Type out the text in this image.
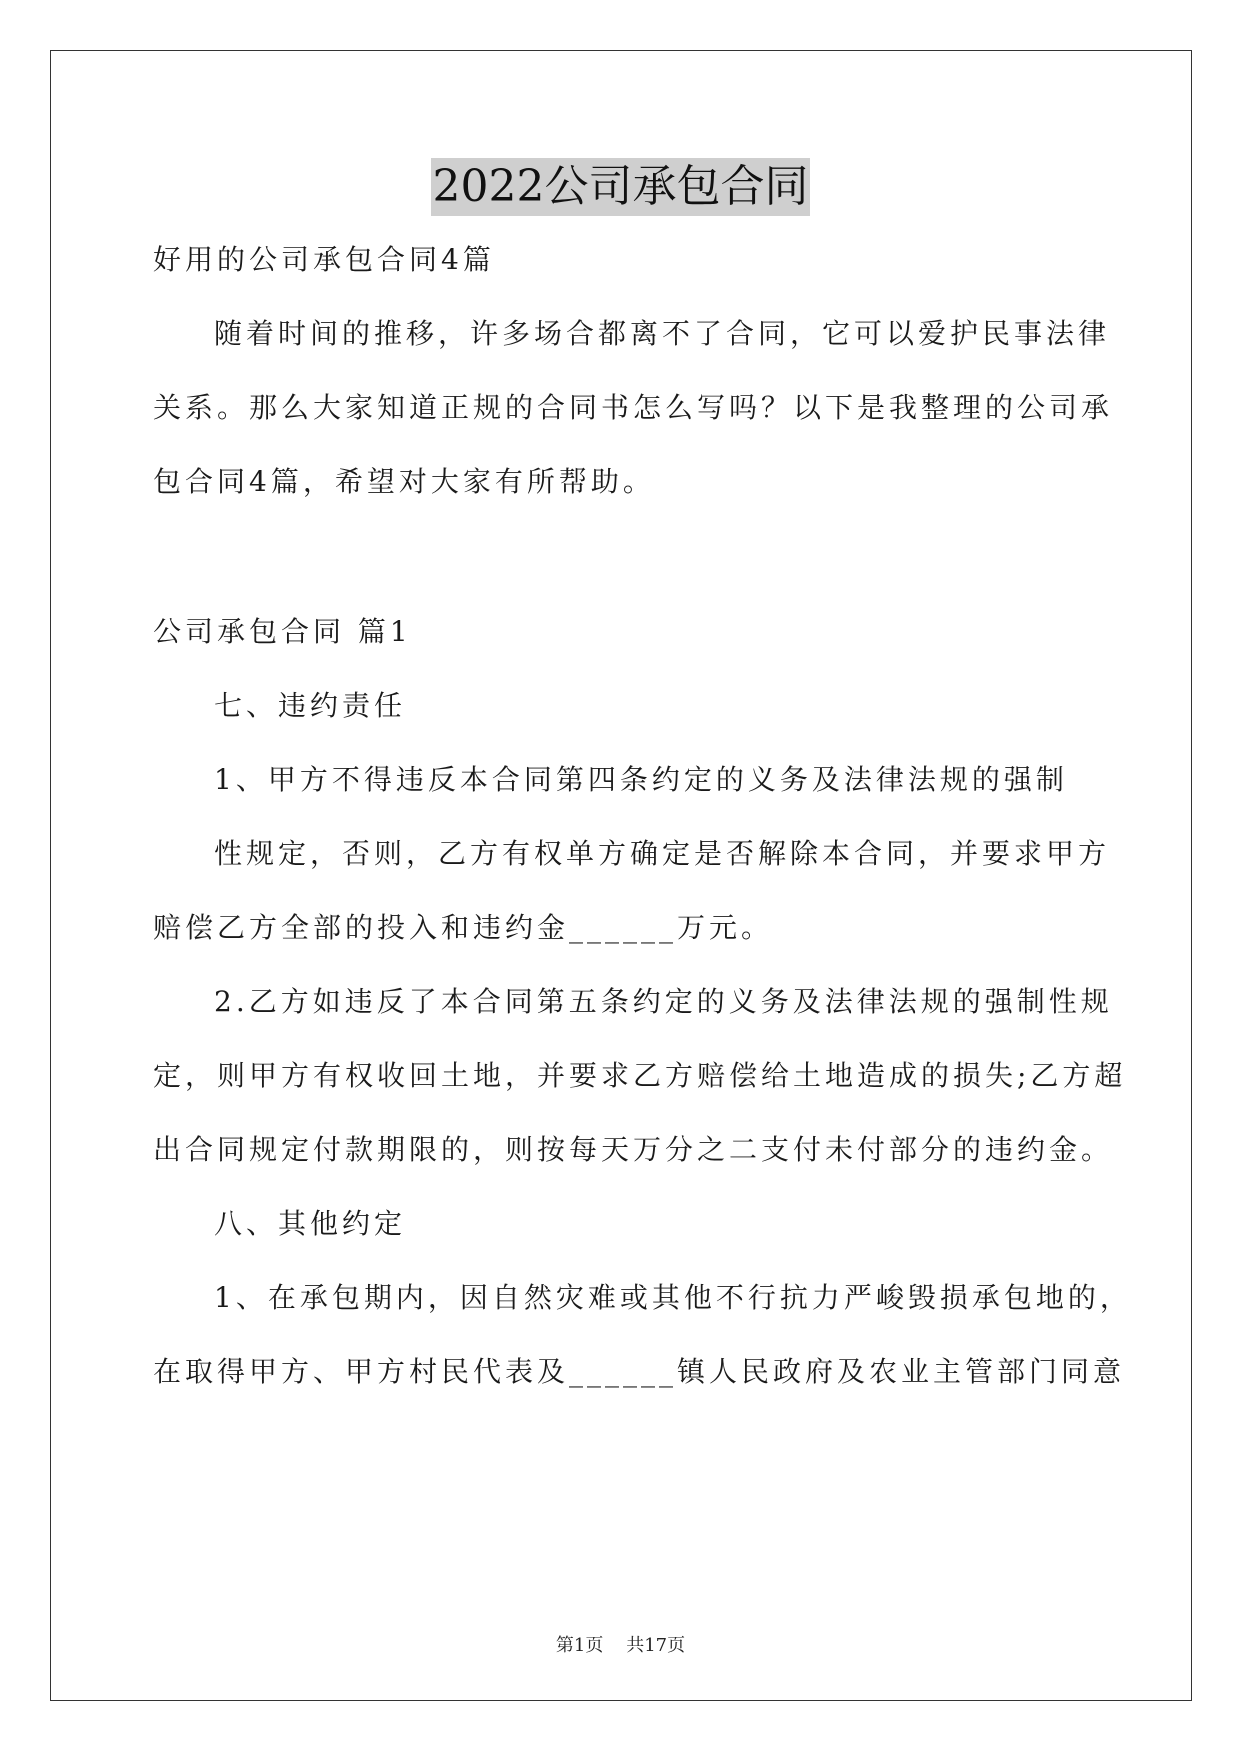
2022公司承包合同
好用的公司承包合同4篇
随着时间的推移，许多场合都离不了合同，它可以爱护民事法律
关系。那么大家知道正规的合同书怎么写吗？以下是我整理的公司承
包合同4篇，希望对大家有所帮助。
公司承包合同 篇1
七、违约责任
1、甲方不得违反本合同第四条约定的义务及法律法规的强制
性规定，否则，乙方有权单方确定是否解除本合同，并要求甲方
赔偿乙方全部的投入和违约金______万元。
2.乙方如违反了本合同第五条约定的义务及法律法规的强制性规
定，则甲方有权收回土地，并要求乙方赔偿给土地造成的损失;乙方超
出合同规定付款期限的，则按每天万分之二支付未付部分的违约金。
八、其他约定
1、在承包期内，因自然灾难或其他不行抗力严峻毁损承包地的，
在取得甲方、甲方村民代表及______镇人民政府及农业主管部门同意
第1页 共17页
